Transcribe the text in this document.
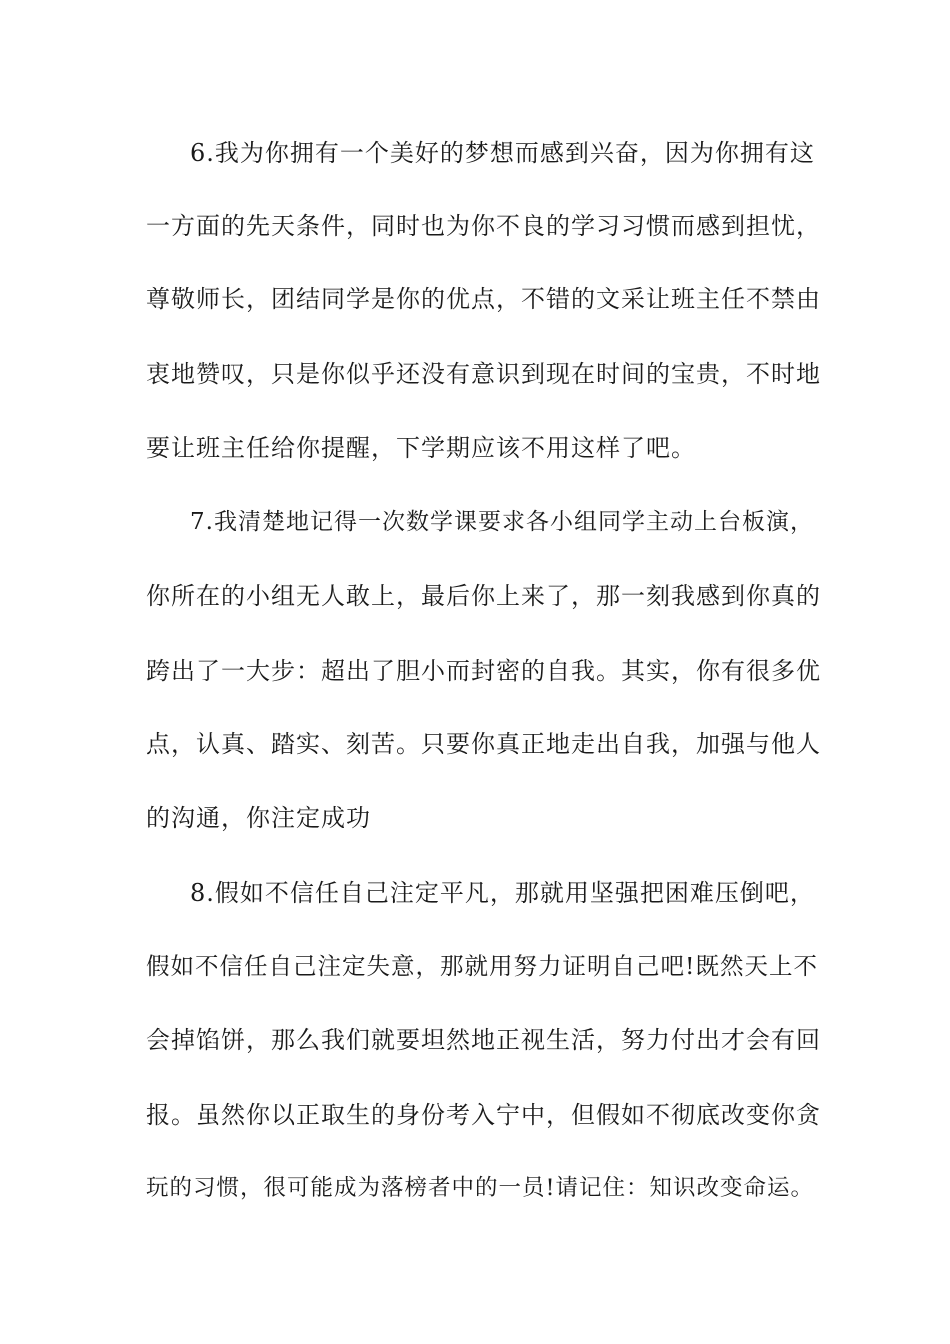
6.我为你拥有一个美好的梦想而感到兴奋，因为你拥有这
一方面的先天条件，同时也为你不良的学习习惯而感到担忧，
尊敬师长，团结同学是你的优点，不错的文采让班主任不禁由
衷地赞叹，只是你似乎还没有意识到现在时间的宝贵，不时地
要让班主任给你提醒，下学期应该不用这样了吧。
7.我清楚地记得一次数学课要求各小组同学主动上台板演，
你所在的小组无人敢上，最后你上来了，那一刻我感到你真的
跨出了一大步：超出了胆小而封密的自我。其实，你有很多优
点，认真、踏实、刻苦。只要你真正地走出自我，加强与他人
的沟通，你注定成功
8.假如不信任自己注定平凡，那就用坚强把困难压倒吧，
假如不信任自己注定失意，那就用努力证明自己吧!既然天上不
会掉馅饼，那么我们就要坦然地正视生活，努力付出才会有回
报。虽然你以正取生的身份考入宁中，但假如不彻底改变你贪
玩的习惯，很可能成为落榜者中的一员!请记住：知识改变命运。
